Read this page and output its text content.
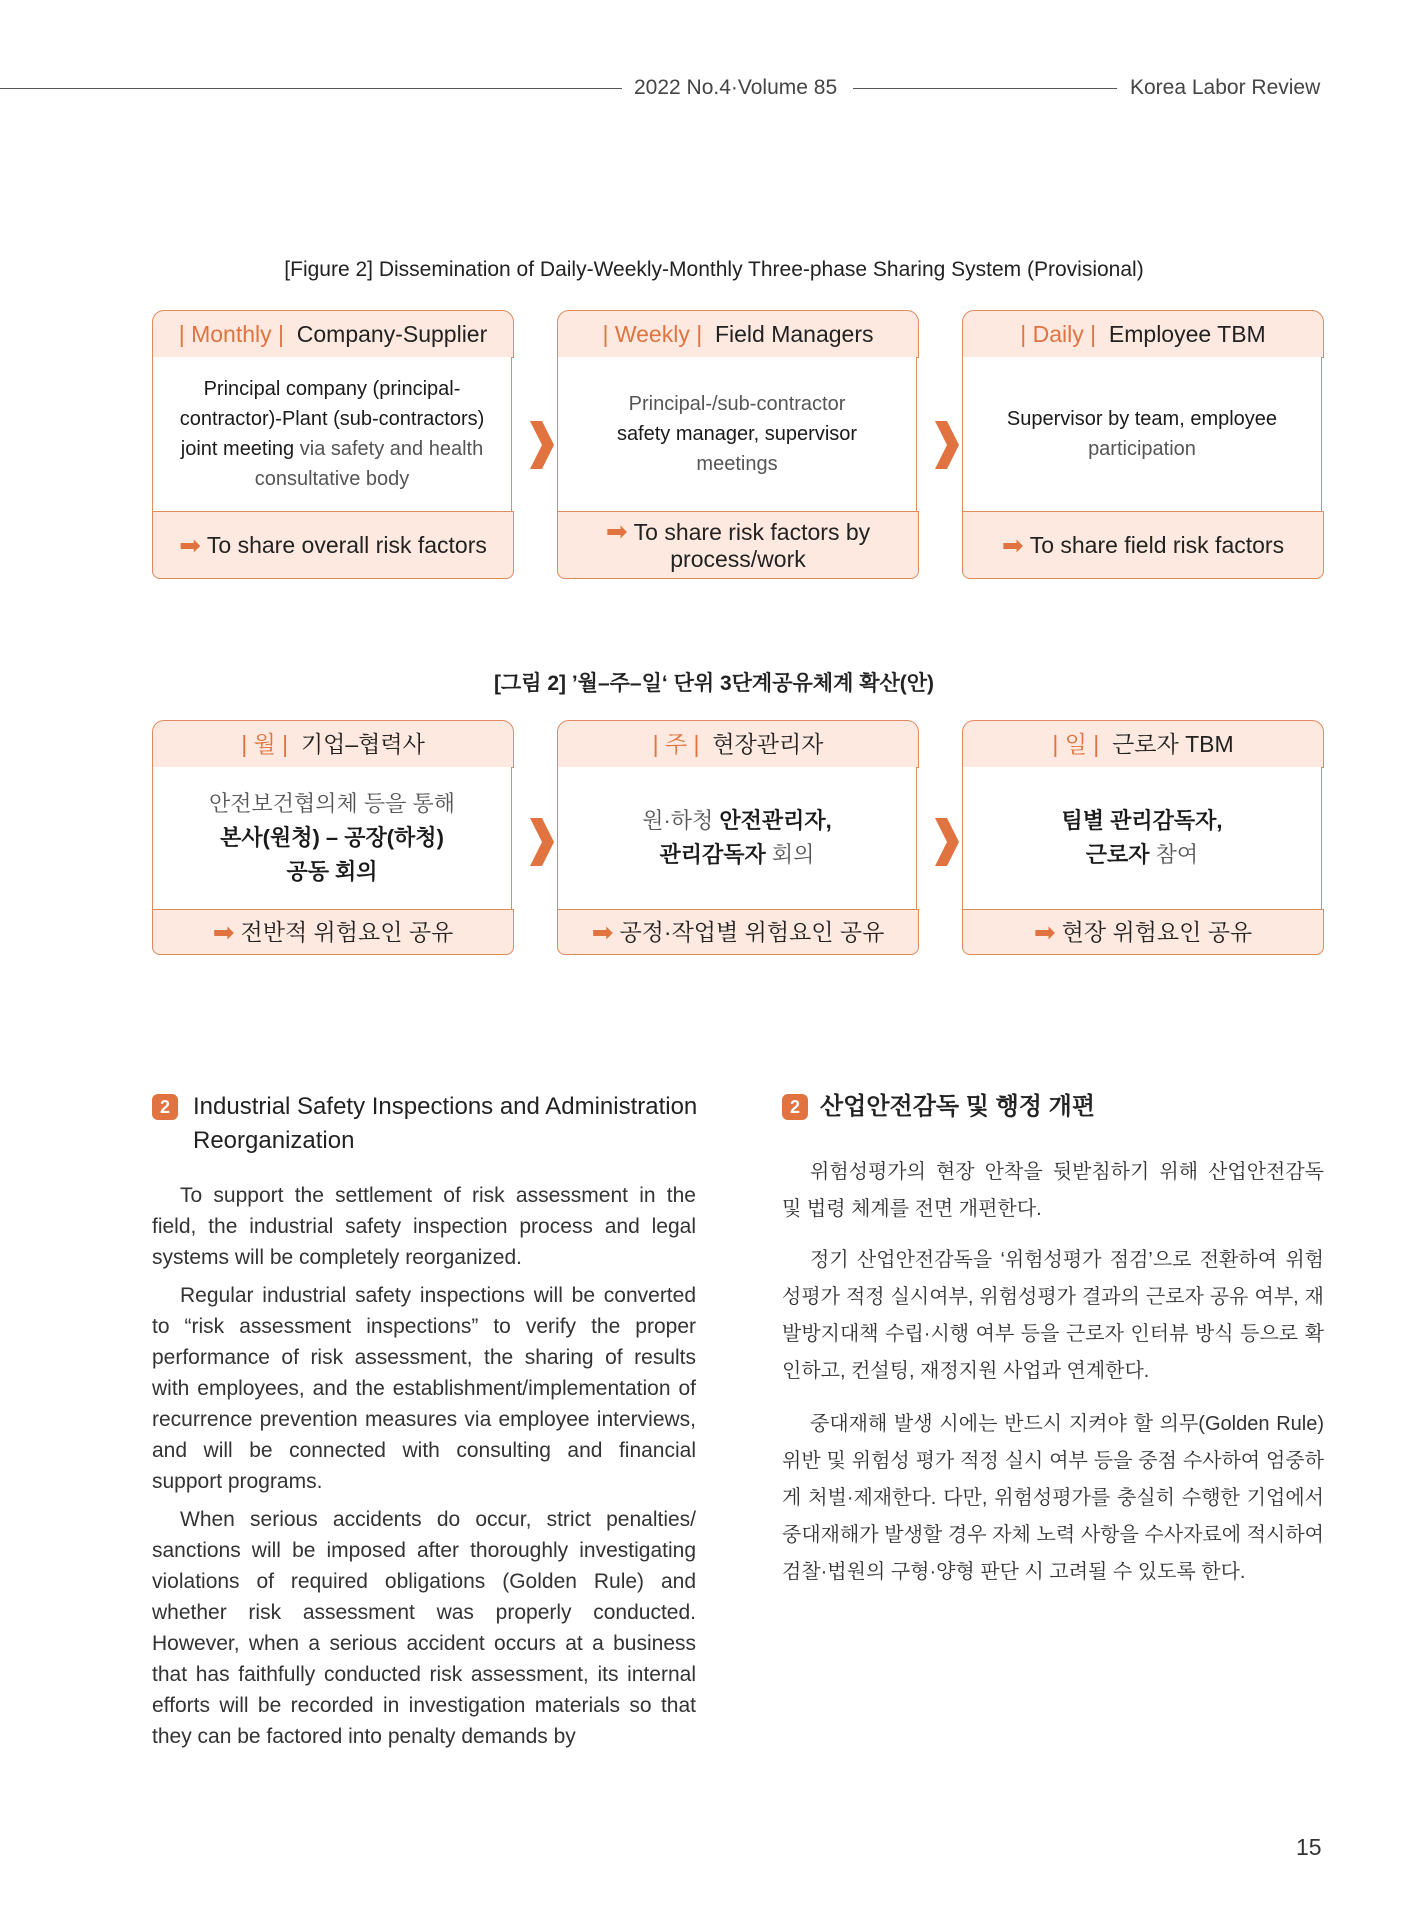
2022 No.4·Volume 85	Korea Labor Review
[Figure 2] Dissemination of Daily-Weekly-Monthly Three-phase Sharing System (Provisional)
| Monthly | Company-Supplier
Principal company (principal-
contractor)-Plant (sub-contractors)
joint meeting via safety and health
consultative body
➡ To share overall risk factors
| Weekly | Field Managers
Principal-/sub-contractor
safety manager, supervisor
meetings
➡ To share risk factors by
process/work
| Daily | Employee TBM
Supervisor by team, employee
participation
➡ To share field risk factors
[그림 2] ’월–주–일‘ 단위 3단계공유체계 확산(안)
| 월 | 기업–협력사
안전보건협의체 등을 통해
본사(원청) – 공장(하청)
공동 회의
➡ 전반적 위험요인 공유
| 주 | 현장관리자
원·하청 안전관리자,
관리감독자 회의
➡ 공정·작업별 위험요인 공유
| 일 | 근로자 TBM
팀별 관리감독자,
근로자 참여
➡ 현장 위험요인 공유
2 Industrial Safety Inspections and Administration
Reorganization

To support the settlement of risk assessment in the field, the industrial safety inspection process and legal systems will be completely reorganized.

Regular industrial safety inspections will be converted to “risk assessment inspections” to verify the proper performance of risk assessment, the sharing of results with employees, and the establishment/implementation of recurrence prevention measures via employee interviews, and will be connected with consulting and financial support programs.

When serious accidents do occur, strict penalties/ sanctions will be imposed after thoroughly investigating violations of required obligations (Golden Rule) and whether risk assessment was properly conducted. However, when a serious accident occurs at a business that has faithfully conducted risk assessment, its internal efforts will be recorded in investigation materials so that they can be factored into penalty demands by

2 산업안전감독 및 행정 개편

위험성평가의 현장 안착을 뒷받침하기 위해 산업안전감독 및 법령 체계를 전면 개편한다.

정기 산업안전감독을 ‘위험성평가 점검’으로 전환하여 위험성평가 적정 실시여부, 위험성평가 결과의 근로자 공유 여부, 재발방지대책 수립·시행 여부 등을 근로자 인터뷰 방식 등으로 확인하고, 컨설팅, 재정지원 사업과 연계한다.

중대재해 발생 시에는 반드시 지켜야 할 의무(Golden Rule) 위반 및 위험성 평가 적정 실시 여부 등을 중점 수사하여 엄중하게 처벌·제재한다. 다만, 위험성평가를 충실히 수행한 기업에서 중대재해가 발생할 경우 자체 노력 사항을 수사자료에 적시하여 검찰·법원의 구형·양형 판단 시 고려될 수 있도록 한다.

15
